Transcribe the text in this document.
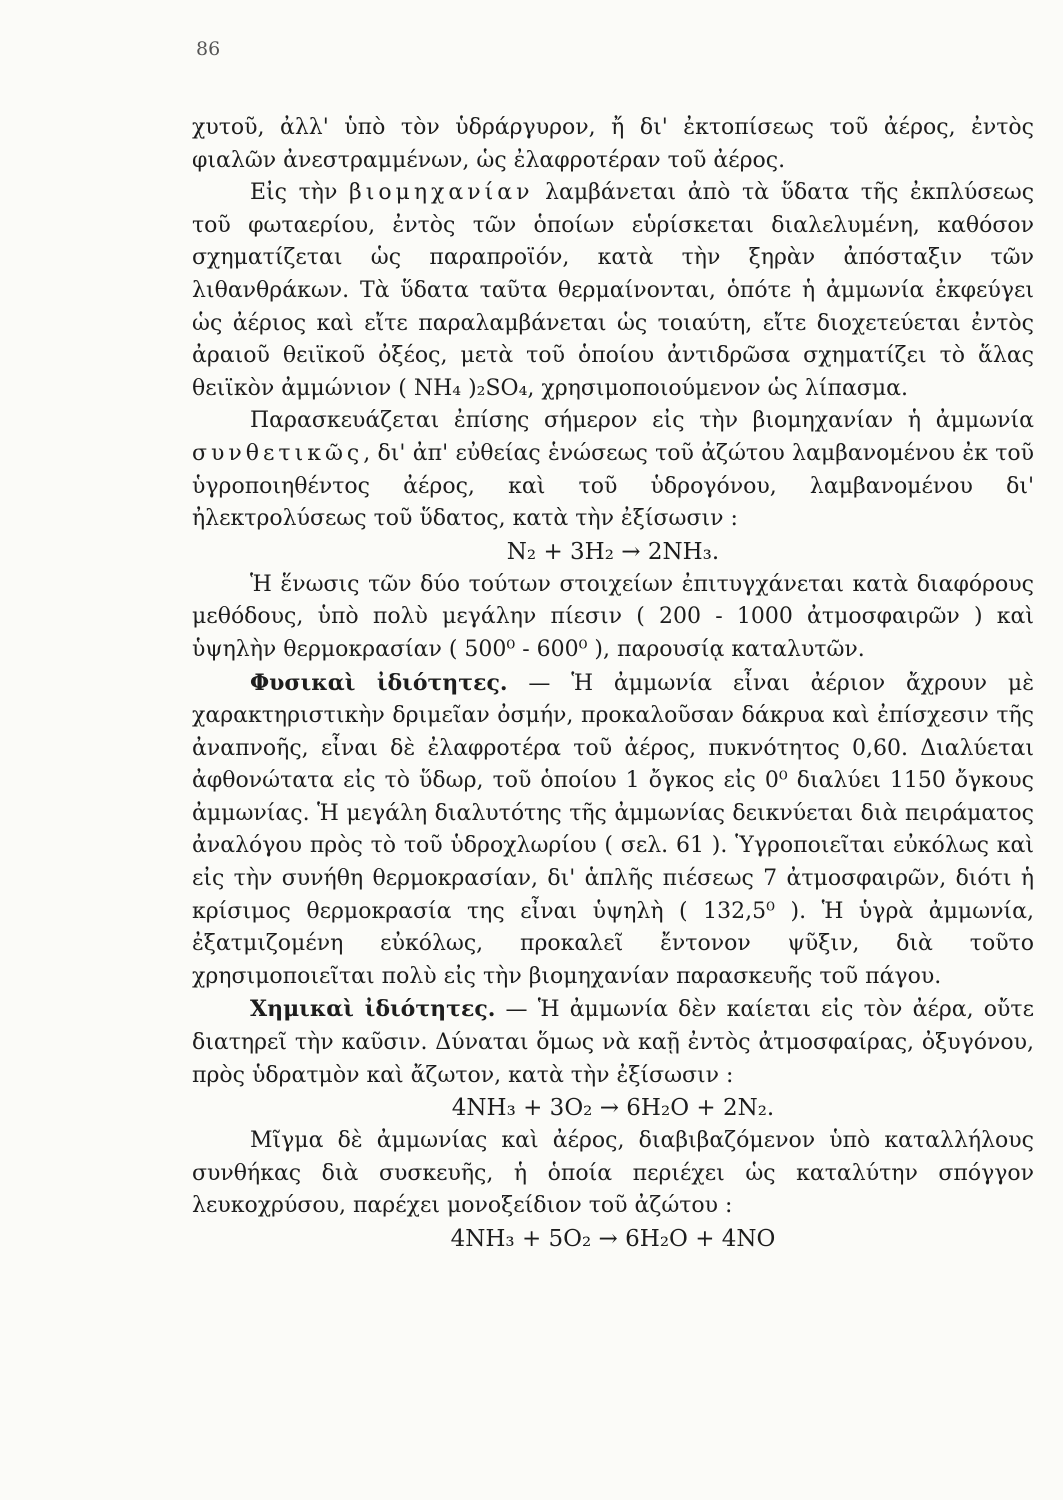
86

χυτοῦ, ἀλλ' ὑπὸ τὸν ὑδράργυρον, ἤ δι' ἐκτοπίσεως τοῦ ἀέρος, ἐντὸς φιαλῶν ἀνεστραμμένων, ὡς ἐλαφροτέραν τοῦ ἀέρος.

Εἰς τὴν βιομηχανίαν λαμβάνεται ἀπὸ τὰ ὕδατα τῆς ἐκπλύσεως τοῦ φωταερίου, ἐντὸς τῶν ὁποίων εὑρίσκεται διαλελυμένη, καθόσον σχηματίζεται ὡς παραπροϊόν, κατὰ τὴν ξηρὰν ἀπόσταξιν τῶν λιθανθράκων. Τὰ ὕδατα ταῦτα θερμαίνονται, ὁπότε ἡ ἀμμωνία ἐκφεύγει ὡς ἀέριος καὶ εἴτε παραλαμβάνεται ὡς τοιαύτη, εἴτε διοχετεύεται ἐντὸς ἀραιοῦ θειϊκοῦ ὀξέος, μετὰ τοῦ ὁποίου ἀντιδρῶσα σχηματίζει τὸ ἅλας θειϊκὸν ἀμμώνιον ( NH₄ )₂SO₄, χρησιμοποιούμενον ὡς λίπασμα.

Παρασκευάζεται ἐπίσης σήμερον εἰς τὴν βιομηχανίαν ἡ ἀμμωνία συνθετικῶς, δι' ἀπ' εὐθείας ἑνώσεως τοῦ ἀζώτου λαμβανομένου ἐκ τοῦ ὑγροποιηθέντος ἀέρος, καὶ τοῦ ὑδρογόνου, λαμβανομένου δι' ἠλεκτρολύσεως τοῦ ὕδατος, κατὰ τὴν ἐξίσωσιν :

N₂ + 3H₂ → 2NH₃.

Ἡ ἕνωσις τῶν δύο τούτων στοιχείων ἐπιτυγχάνεται κατὰ διαφόρους μεθόδους, ὑπὸ πολὺ μεγάλην πίεσιν ( 200 - 1000 ἀτμοσφαιρῶν ) καὶ ὑψηλὴν θερμοκρασίαν ( 500⁰ - 600⁰ ), παρουσίᾳ καταλυτῶν.

Φυσικαὶ ἰδιότητες. — Ἡ ἀμμωνία εἶναι ἀέριον ἄχρουν μὲ χαρακτηριστικὴν δριμεῖαν ὀσμήν, προκαλοῦσαν δάκρυα καὶ ἐπίσχεσιν τῆς ἀναπνοῆς, εἶναι δὲ ἐλαφροτέρα τοῦ ἀέρος, πυκνότητος 0,60. Διαλύεται ἀφθονώτατα εἰς τὸ ὕδωρ, τοῦ ὁποίου 1 ὄγκος εἰς 0⁰ διαλύει 1150 ὄγκους ἀμμωνίας. Ἡ μεγάλη διαλυτότης τῆς ἀμμωνίας δεικνύεται διὰ πειράματος ἀναλόγου πρὸς τὸ τοῦ ὑδροχλωρίου ( σελ. 61 ). Ὑγροποιεῖται εὐκόλως καὶ εἰς τὴν συνήθη θερμοκρασίαν, δι' ἁπλῆς πιέσεως 7 ἀτμοσφαιρῶν, διότι ἡ κρίσιμος θερμοκρασία της εἶναι ὑψηλὴ ( 132,5⁰ ). Ἡ ὑγρὰ ἀμμωνία, ἐξατμιζομένη εὐκόλως, προκαλεῖ ἔντονον ψῦξιν, διὰ τοῦτο χρησιμοποιεῖται πολὺ εἰς τὴν βιομηχανίαν παρασκευῆς τοῦ πάγου.

Χημικαὶ ἰδιότητες. — Ἡ ἀμμωνία δὲν καίεται εἰς τὸν ἀέρα, οὔτε διατηρεῖ τὴν καῦσιν. Δύναται ὅμως νὰ καῇ ἐντὸς ἀτμοσφαίρας, ὀξυγόνου, πρὸς ὑδρατμὸν καὶ ἄζωτον, κατὰ τὴν ἐξίσωσιν :

4NH₃ + 3O₂ → 6H₂O + 2N₂.

Μῖγμα δὲ ἀμμωνίας καὶ ἀέρος, διαβιβαζόμενον ὑπὸ καταλλήλους συνθήκας διὰ συσκευῆς, ἡ ὁποία περιέχει ὡς καταλύτην σπόγγον λευκοχρύσου, παρέχει μονοξείδιον τοῦ ἀζώτου :

4NH₃ + 5O₂ → 6H₂O + 4NO
